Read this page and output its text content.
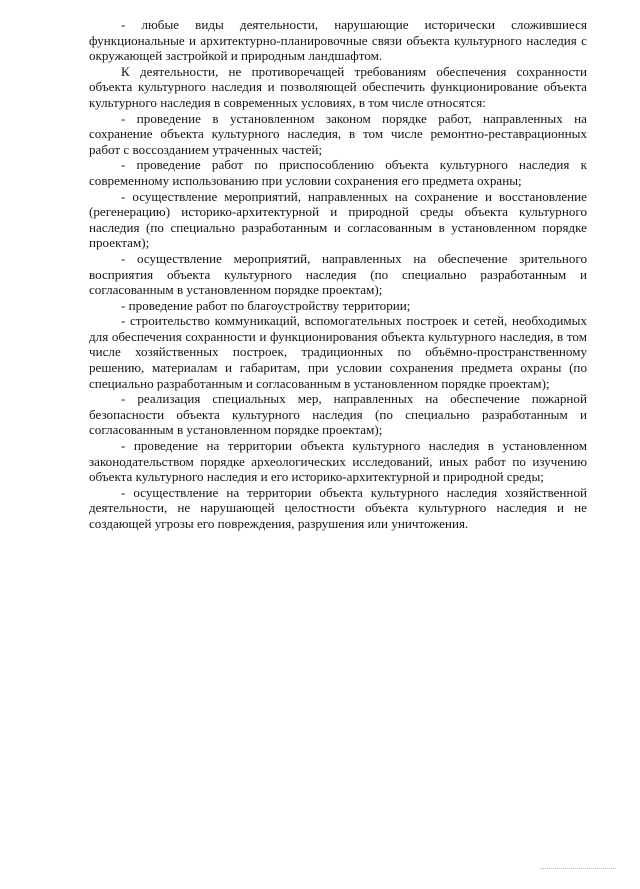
- любые виды деятельности, нарушающие исторически сложившиеся функциональные и архитектурно-планировочные связи объекта культурного наследия с окружающей застройкой и природным ландшафтом.

К деятельности, не противоречащей требованиям обеспечения сохранности объекта культурного наследия и позволяющей обеспечить функционирование объекта культурного наследия в современных условиях, в том числе относятся:

- проведение в установленном законом порядке работ, направленных на сохранение объекта культурного наследия, в том числе ремонтно-реставрационных работ с воссозданием утраченных частей;

- проведение работ по приспособлению объекта культурного наследия к современному использованию при условии сохранения его предмета охраны;

- осуществление мероприятий, направленных на сохранение и восстановление (регенерацию) историко-архитектурной и природной среды объекта культурного наследия (по специально разработанным и согласованным в установленном порядке проектам);

- осуществление мероприятий, направленных на обеспечение зрительного восприятия объекта культурного наследия (по специально разработанным и согласованным в установленном порядке проектам);

- проведение работ по благоустройству территории;

- строительство коммуникаций, вспомогательных построек и сетей, необходимых для обеспечения сохранности и функционирования объекта культурного наследия, в том числе хозяйственных построек, традиционных по объёмно-пространственному решению, материалам и габаритам, при условии сохранения предмета охраны (по специально разработанным и согласованным в установленном порядке проектам);

- реализация специальных мер, направленных на обеспечение пожарной безопасности объекта культурного наследия (по специально разработанным и согласованным в установленном порядке проектам);

- проведение на территории объекта культурного наследия в установленном законодательством порядке археологических исследований, иных работ по изучению объекта культурного наследия и его историко-архитектурной и природной среды;

- осуществление на территории объекта культурного наследия хозяйственной деятельности, не нарушающей целостности объекта культурного наследия и не создающей угрозы его повреждения, разрушения или уничтожения.
